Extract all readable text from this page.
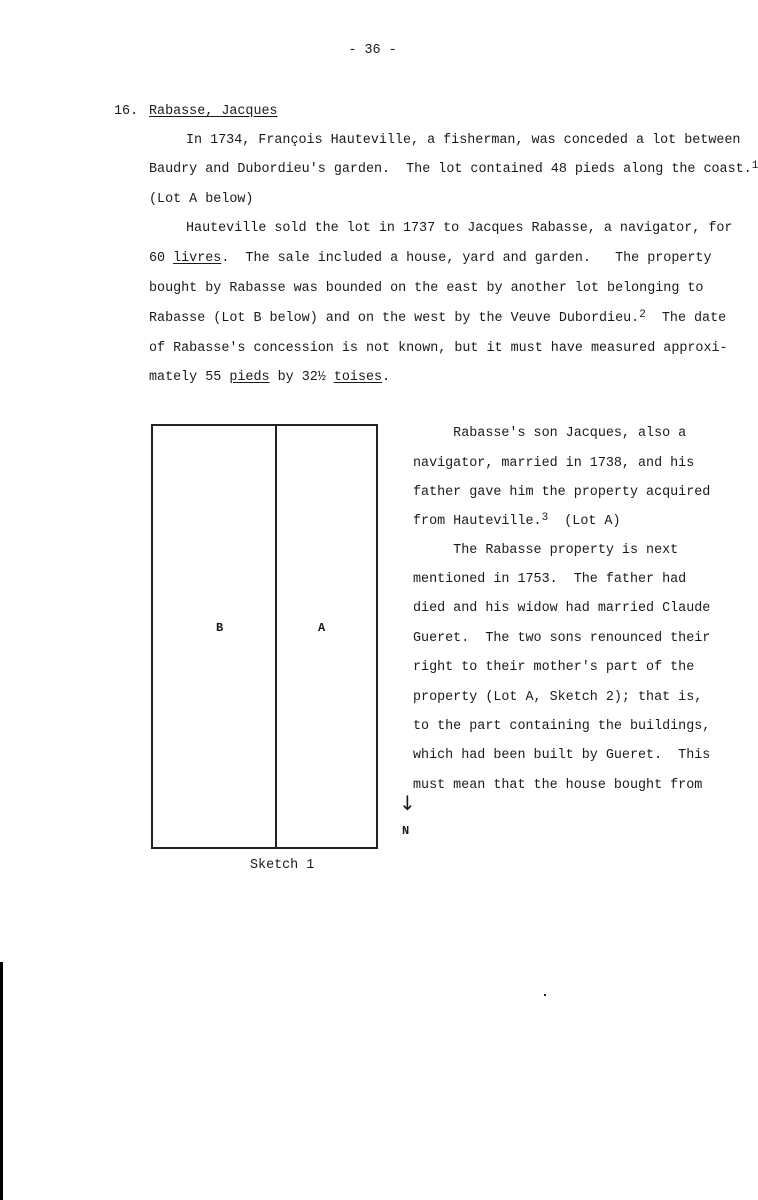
- 36 -
16. Rabasse, Jacques
In 1734, François Hauteville, a fisherman, was conceded a lot between
Baudry and Dubordieu's garden.  The lot contained 48 pieds along the coast.$^1$
(Lot A below)
Hauteville sold the lot in 1737 to Jacques Rabasse, a navigator, for
60 livres.  The sale included a house, yard and garden.   The property
bought by Rabasse was bounded on the east by another lot belonging to
Rabasse (Lot B below) and on the west by the Veuve Dubordieu.$^2$  The date
of Rabasse's concession is not known, but it must have measured approxi-
mately 55 pieds by 32½ toises.
B	A
Sketch 1
↓
N
Rabasse's son Jacques, also a
navigator, married in 1738, and his
father gave him the property acquired
from Hauteville.$^3$  (Lot A)
The Rabasse property is next
mentioned in 1753.  The father had
died and his widow had married Claude
Gueret.  The two sons renounced their
right to their mother's part of the
property (Lot A, Sketch 2); that is,
to the part containing the buildings,
which had been built by Gueret.  This
must mean that the house bought from
